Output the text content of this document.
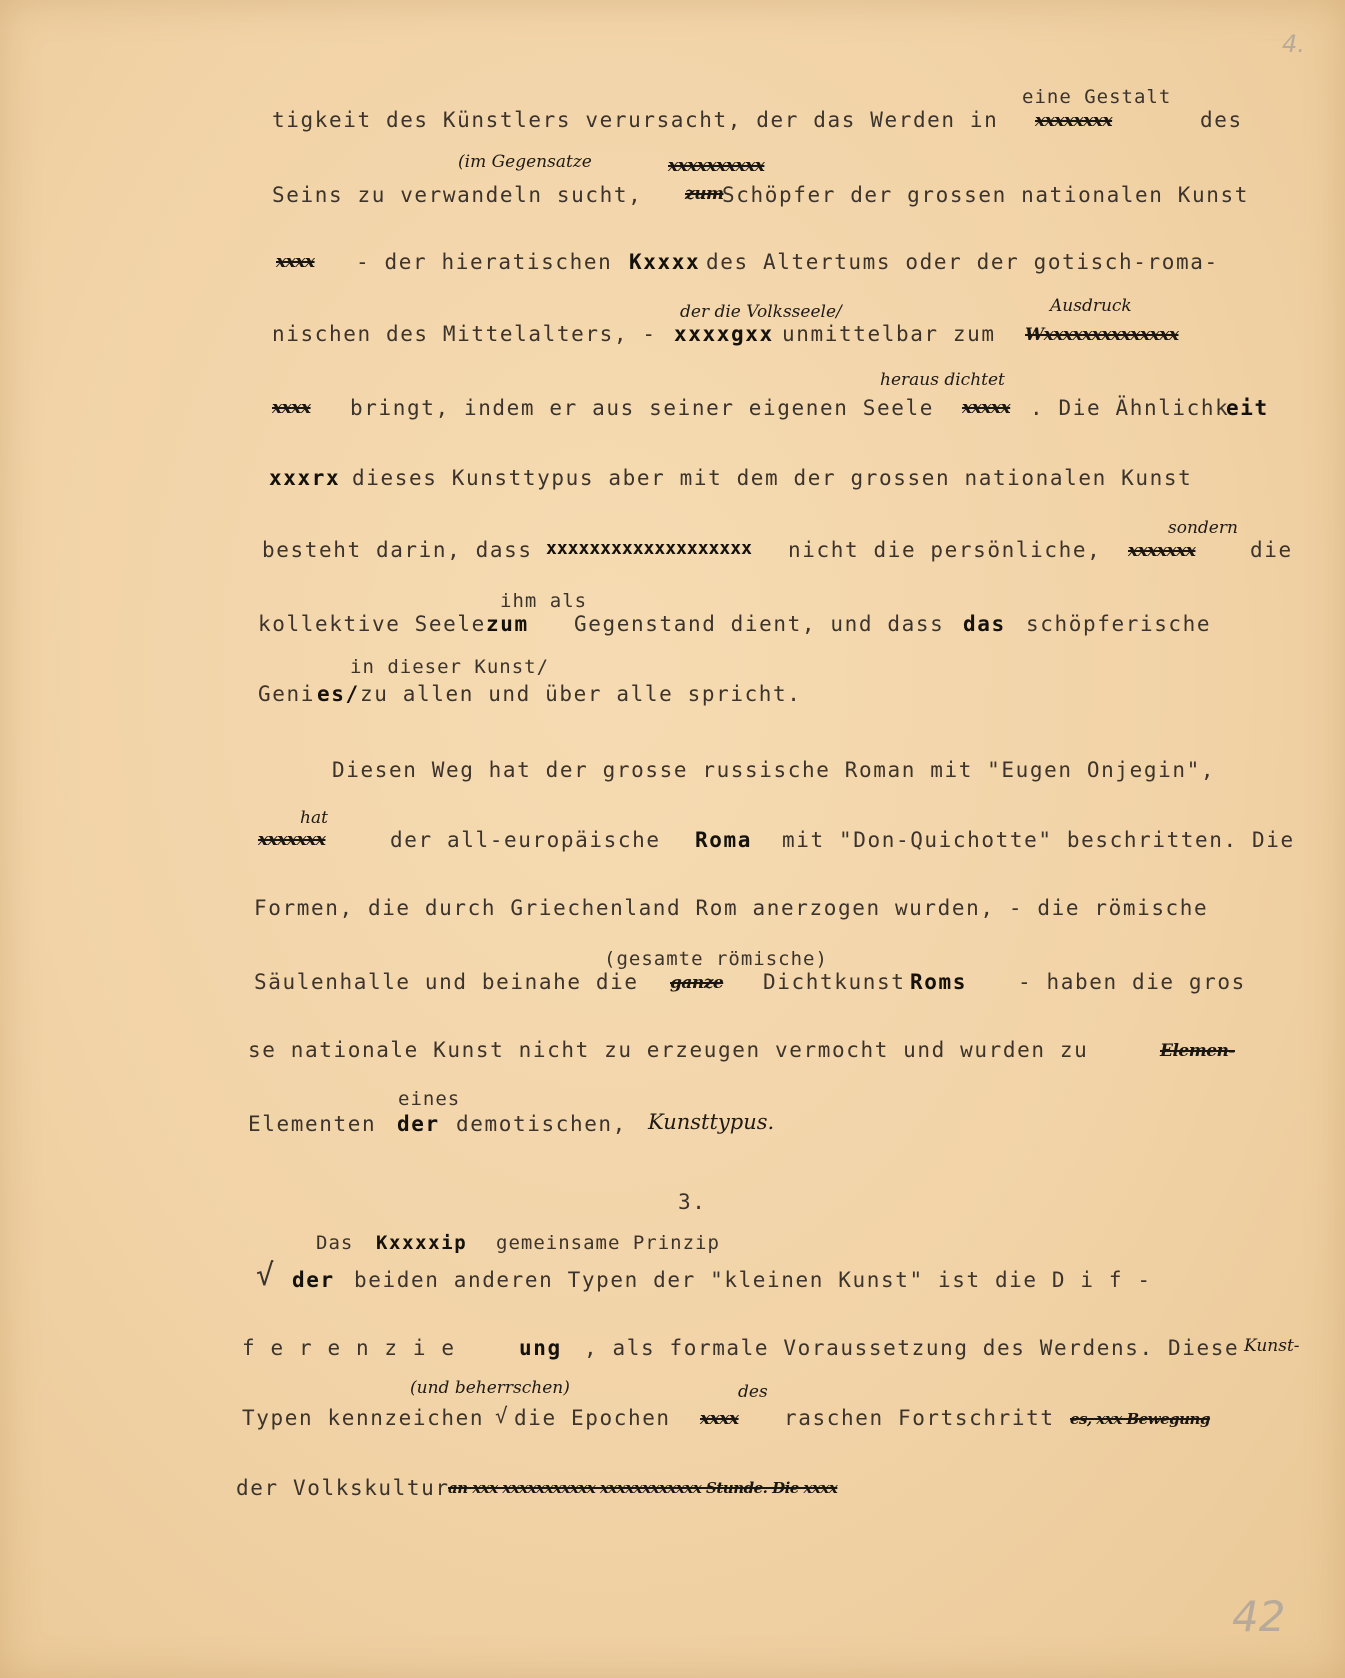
4.
42
eine Gestalt
tigkeit des Künstlers verursacht, der das Werden in xxxxxxxx	des
(im Gegensatze	xxxxxxxxxx
Seins zu verwandeln sucht,	zum
Schöpfer der grossen nationalen Kunst
xxxx - der hieratischen Kxxxx des Altertums oder der gotisch-roma-
der die Volksseele/	Ausdruck
nischen des Mittelalters, - xxxxgxx unmittelbar zum Wxxxxxxxxxxxxxx
heraus dichtet
xxxx bringt, indem er aus seiner eigenen Seele xxxxx . Die Ähnlichk
eit
xxxrx dieses Kunsttypus aber mit dem der grossen nationalen Kunst
sondern
besteht darin, dass xxxxxxxxxxxxxxxxxxx nicht die persönliche, xxxxxxx	die
ihm als
kollektive Seele zum Gegenstand dient, und dass das schöpferische
in dieser Kunst/
Geni es/ zu allen und über alle spricht.
Diesen Weg hat der grosse russische Roman mit "Eugen Onjegin",
hat
xxxxxxx	der all-europäische Roma mit "Don-Quichotte" beschritten. Die
Formen, die durch Griechenland Rom anerzogen wurden, - die römische
(gesamte römische)
Säulenhalle und beinahe die ganze Dichtkunst Roms - haben die gros
se nationale Kunst nicht zu erzeugen vermocht und wurden zu	Elemen-
eines
Elementen der demotischen, Kunsttypus.
3.
√
Das Kxxxxip gemeinsame Prinzip
der beiden anderen Typen der "kleinen Kunst" ist die D i f -
f e r e n z i e	ung , als formale Voraussetzung des Werdens. Diese Kunst-
(und beherrschen)	des
Typen kennzeichen √ die Epochen xxxx raschen Fortschritt es, xxx Bewegung
der Volkskultur
an xxx xxxxxxxxxxx xxxxxxxxxxxx Stunde. Die xxxx
